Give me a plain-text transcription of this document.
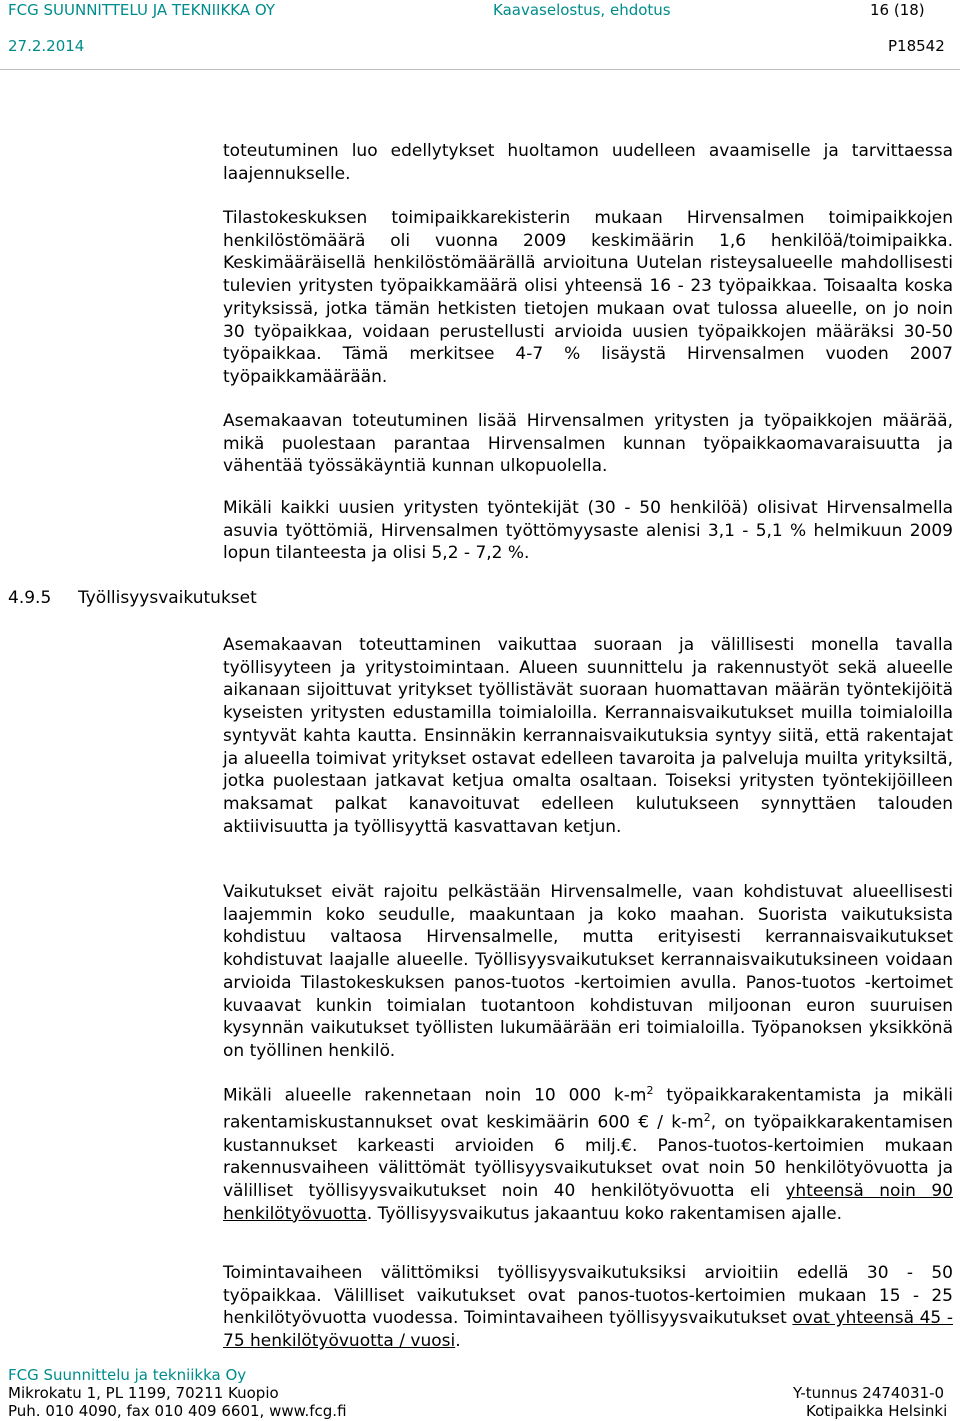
FCG SUUNNITTELU JA TEKNIIKKA OY	Kaavaselostus, ehdotus	16 (18)
27.2.2014	P18542

toteutuminen luo edellytykset huoltamon uudelleen avaamiselle ja tarvittaessa laajennukselle.

Tilastokeskuksen toimipaikkarekisterin mukaan Hirvensalmen toimipaikkojen henkilöstömäärä oli vuonna 2009 keskimäärin 1,6 henkilöä/toimipaikka. Keskimääräisellä henkilöstömäärällä arvioituna Uutelan risteysalueelle mahdollisesti tulevien yritysten työpaikkamäärä olisi yhteensä 16 - 23 työpaikkaa. Toisaalta koska yrityksissä, jotka tämän hetkisten tietojen mukaan ovat tulossa alueelle, on jo noin 30 työpaikkaa, voidaan perustellusti arvioida uusien työpaikkojen määräksi 30-50 työpaikkaa. Tämä merkitsee 4-7 % lisäystä Hirvensalmen vuoden 2007 työpaikkamäärään.

Asemakaavan toteutuminen lisää Hirvensalmen yritysten ja työpaikkojen määrää, mikä puolestaan parantaa Hirvensalmen kunnan työpaikkaomavaraisuutta ja vähentää työssäkäyntiä kunnan ulkopuolella.

Mikäli kaikki uusien yritysten työntekijät (30 - 50 henkilöä) olisivat Hirvensalmella asuvia työttömiä, Hirvensalmen työttömyysaste alenisi 3,1 - 5,1 % helmikuun 2009 lopun tilanteesta ja olisi 5,2 - 7,2 %.

4.9.5 Työllisyysvaikutukset

Asemakaavan toteuttaminen vaikuttaa suoraan ja välillisesti monella tavalla työllisyyteen ja yritystoimintaan. Alueen suunnittelu ja rakennustyöt sekä alueelle aikanaan sijoittuvat yritykset työllistävät suoraan huomattavan määrän työntekijöitä kyseisten yritysten edustamilla toimialoilla. Kerrannaisvaikutukset muilla toimialoilla syntyvät kahta kautta. Ensinnäkin kerrannaisvaikutuksia syntyy siitä, että rakentajat ja alueella toimivat yritykset ostavat edelleen tavaroita ja palveluja muilta yrityksiltä, jotka puolestaan jatkavat ketjua omalta osaltaan. Toiseksi yritysten työntekijöilleen maksamat palkat kanavoituvat edelleen kulutukseen synnyttäen talouden aktiivisuutta ja työllisyyttä kasvattavan ketjun.

Vaikutukset eivät rajoitu pelkästään Hirvensalmelle, vaan kohdistuvat alueellisesti laajemmin koko seudulle, maakuntaan ja koko maahan. Suorista vaikutuksista kohdistuu valtaosa Hirvensalmelle, mutta erityisesti kerrannaisvaikutukset kohdistuvat laajalle alueelle. Työllisyysvaikutukset kerrannaisvaikutuksineen voidaan arvioida Tilastokeskuksen panos-tuotos -kertoimien avulla. Panos-tuotos -kertoimet kuvaavat kunkin toimialan tuotantoon kohdistuvan miljoonan euron suuruisen kysynnän vaikutukset työllisten lukumäärään eri toimialoilla. Työpanoksen yksikkönä on työllinen henkilö.

Mikäli alueelle rakennetaan noin 10 000 $k-m^2$ työpaikkarakentamista ja mikäli rakentamiskustannukset ovat keskimäärin 600 € / $k-m^2$, on työpaikkarakentamisen kustannukset karkeasti arvioiden 6 milj.€. Panos-tuotos-kertoimien mukaan rakennusvaiheen välittömät työllisyysvaikutukset ovat noin 50 henkilötyövuotta ja välilliset työllisyysvaikutukset noin 40 henkilötyövuotta eli yhteensä noin 90 henkilötyövuotta. Työllisyysvaikutus jakaantuu koko rakentamisen ajalle.

Toimintavaiheen välittömiksi työllisyysvaikutuksiksi arvioitiin edellä 30 - 50 työpaikkaa. Välilliset vaikutukset ovat panos-tuotos-kertoimien mukaan 15 - 25 henkilötyövuotta vuodessa. Toimintavaiheen työllisyysvaikutukset ovat yhteensä 45 - 75 henkilötyövuotta / vuosi.

FCG Suunnittelu ja tekniikka Oy
Mikrokatu 1, PL 1199, 70211 Kuopio
Puh. 010 4090, fax 010 409 6601, www.fcg.fi
Y-tunnus 2474031-0
Kotipaikka Helsinki
